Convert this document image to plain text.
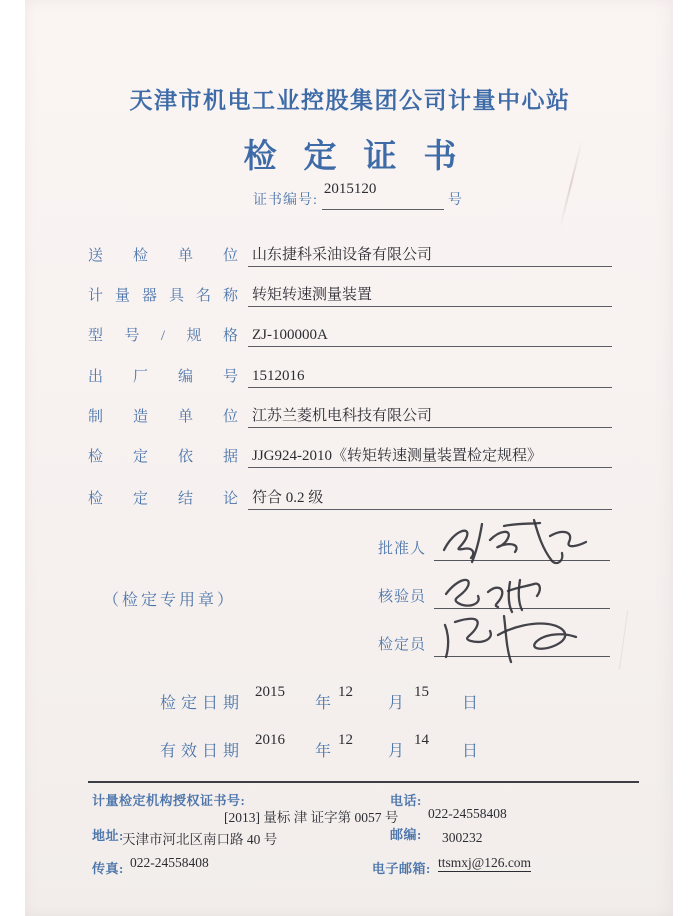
天津市机电工业控股集团公司计量中心站
检定证书
证书编号:
2015120
号
送检单位 山东捷科采油设备有限公司
计量器具名称 转矩转速测量装置
型号/规格 ZJ-100000A
出厂编号 1512016
制造单位 江苏兰菱机电科技有限公司
检定依据 JJG924-2010《转矩转速测量装置检定规程》
检定结论 符合 0.2 级
（检定专用章）
批准人
核验员
检定员
检定日期
2015
年
12
月
15
日
有效日期
2016
年
12
月
14
日
计量检定机构授权证书号:
[2013] 量标 津 证字第 0057 号
电话:
022-24558408
地址:
天津市河北区南口路 40 号	邮编: 300232
传真: 022-24558408	电子邮箱: ttsmxj@126.com
